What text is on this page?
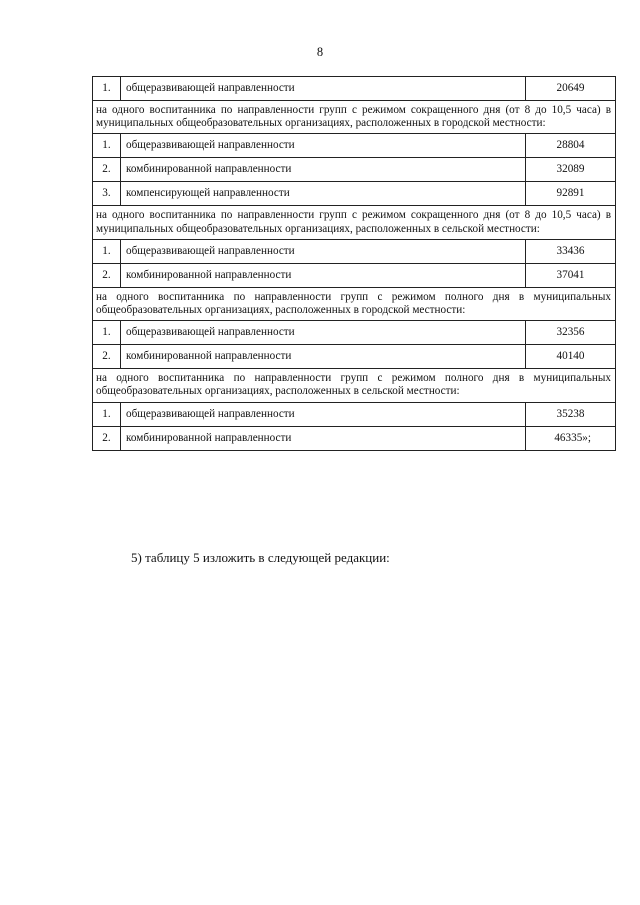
8
1.	общеразвивающей направленности	20649
на одного воспитанника по направленности групп с режимом сокращенного дня (от 8 до 10,5 часа) в муниципальных общеобразовательных организациях, расположенных в городской местности:		
1.	общеразвивающей направленности	28804
2.	комбинированной направленности	32089
3.	компенсирующей направленности	92891
на одного воспитанника по направленности групп с режимом сокращенного дня (от 8 до 10,5 часа) в муниципальных общеобразовательных организациях, расположенных в сельской местности:		
1.	общеразвивающей направленности	33436
2.	комбинированной направленности	37041
на одного воспитанника по направленности групп с режимом полного дня в муниципальных общеобразовательных организациях, расположенных в городской местности:		
1.	общеразвивающей направленности	32356
2.	комбинированной направленности	40140
на одного воспитанника по направленности групп с режимом полного дня в муниципальных общеобразовательных организациях, расположенных в сельской местности:		
1.	общеразвивающей направленности	35238
2.	комбинированной направленности	46335»;
5) таблицу 5 изложить в следующей редакции:
